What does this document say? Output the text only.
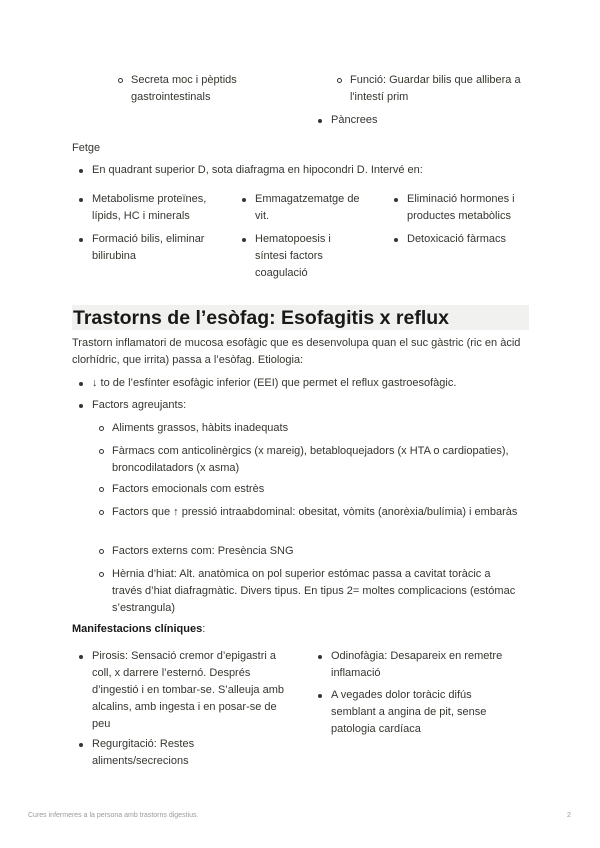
Secreta moc i pèptids gastrointestinals
Funció: Guardar bilis que allibera a l'intestí prim
Pàncrees
Fetge
En quadrant superior D, sota diafragma en hipocondri D. Intervé en:
Metabolisme proteïnes, lípids, HC i minerals
Formació bilis, eliminar bilirubina
Emmagatzematge de vit.
Hematopoesis i síntesi factors coagulació
Eliminació hormones i productes metabòlics
Detoxicació fàrmacs
Trastorns de l’esòfag: Esofagitis x reflux
Trastorn inflamatori de mucosa esofàgic que es desenvolupa quan el suc gàstric (ric en àcid clorhídric, que irrita) passa a l’esòfag. Etiologia:
↓ to de l’esfínter esofàgic inferior (EEI) que permet el reflux gastroesofàgic.
Factors agreujants:
Aliments grassos, hàbits inadequats
Fàrmacs com anticolinèrgics (x mareig), betabloquejadors (x HTA o cardiopaties), broncodilatadors (x asma)
Factors emocionals com estrès
Factors que ↑ pressió intraabdominal: obesitat, vòmits (anorèxia/bulímia) i embaràs
Factors externs com: Presència SNG
Hèrnia d’hiat: Alt. anatòmica on pol superior estómac passa a cavitat toràcic a través d’hiat diafragmàtic. Divers tipus. En tipus 2= moltes complicacions (estómac s’estrangula)
Manifestacions clíniques:
Pirosis: Sensació cremor d’epigastri a coll, x darrere l’esternó. Després d’ingestió i en tombar-se. S’alleuja amb alcalins, amb ingesta i en posar-se de peu
Regurgitació: Restes aliments/secrecions
Odinofàgia: Desapareix en remetre inflamació
A vegades dolor toràcic difús semblant a angina de pit, sense patologia cardíaca
Cures infermeres a la persona amb trastorns digestius.	2
